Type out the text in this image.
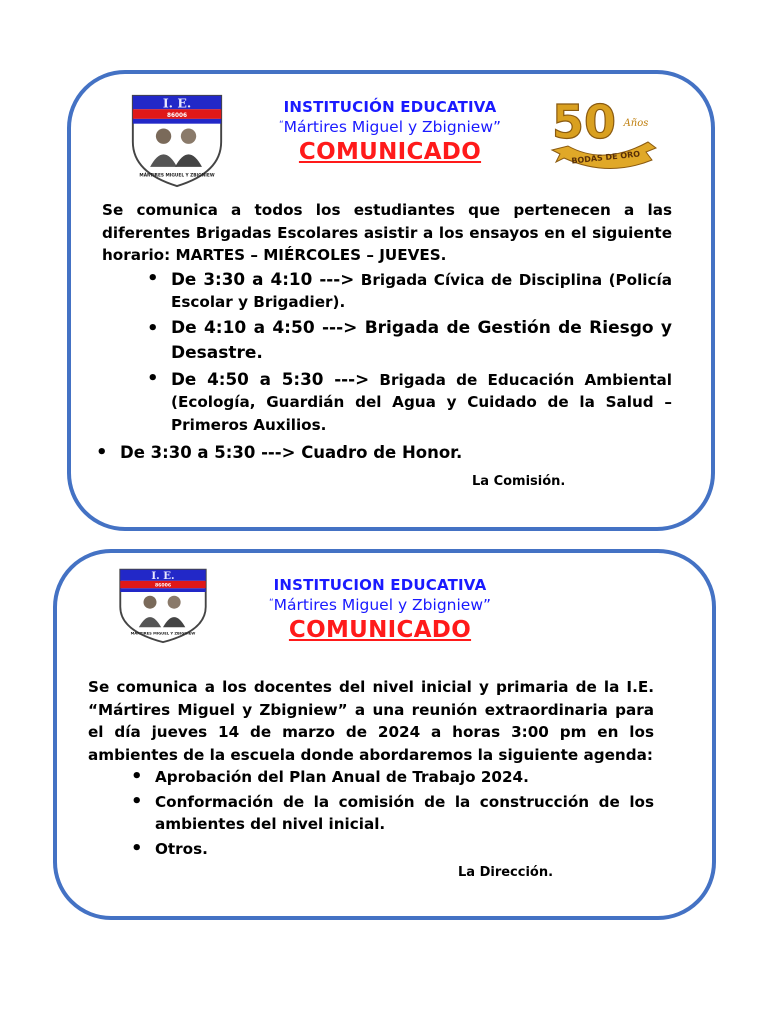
I. E.
86006
MÁRTIRES MIGUEL Y ZBIGNIEW
50 Años
BODAS DE ORO
INSTITUCIÓN EDUCATIVA
“Mártires Miguel y Zbigniew”
COMUNICADO
Se comunica a todos los estudiantes que pertenecen a las diferentes Brigadas Escolares asistir a los ensayos en el siguiente horario: MARTES – MIÉRCOLES – JUEVES.
• De 3:30 a 4:10 ---> Brigada Cívica de Disciplina (Policía Escolar y Brigadier).
• De 4:10 a 4:50 ---> Brigada de Gestión de Riesgo y Desastre.
• De 4:50 a 5:30 ---> Brigada de Educación Ambiental (Ecología, Guardián del Agua y Cuidado de la Salud – Primeros Auxilios.
• De 3:30 a 5:30 ---> Cuadro de Honor.
La Comisión.
I. E.
86006
MÁRTIRES MIGUEL Y ZBIGNIEW
INSTITUCION EDUCATIVA
“Mártires Miguel y Zbigniew”
COMUNICADO
Se comunica a los docentes del nivel inicial y primaria de la I.E. “Mártires Miguel y Zbigniew” a una reunión extraordinaria para el día jueves 14 de marzo de 2024 a horas 3:00 pm en los ambientes de la escuela donde abordaremos la siguiente agenda:
• Aprobación del Plan Anual de Trabajo 2024.
• Conformación de la comisión de la construcción de los ambientes del nivel inicial.
• Otros.
La Dirección.
